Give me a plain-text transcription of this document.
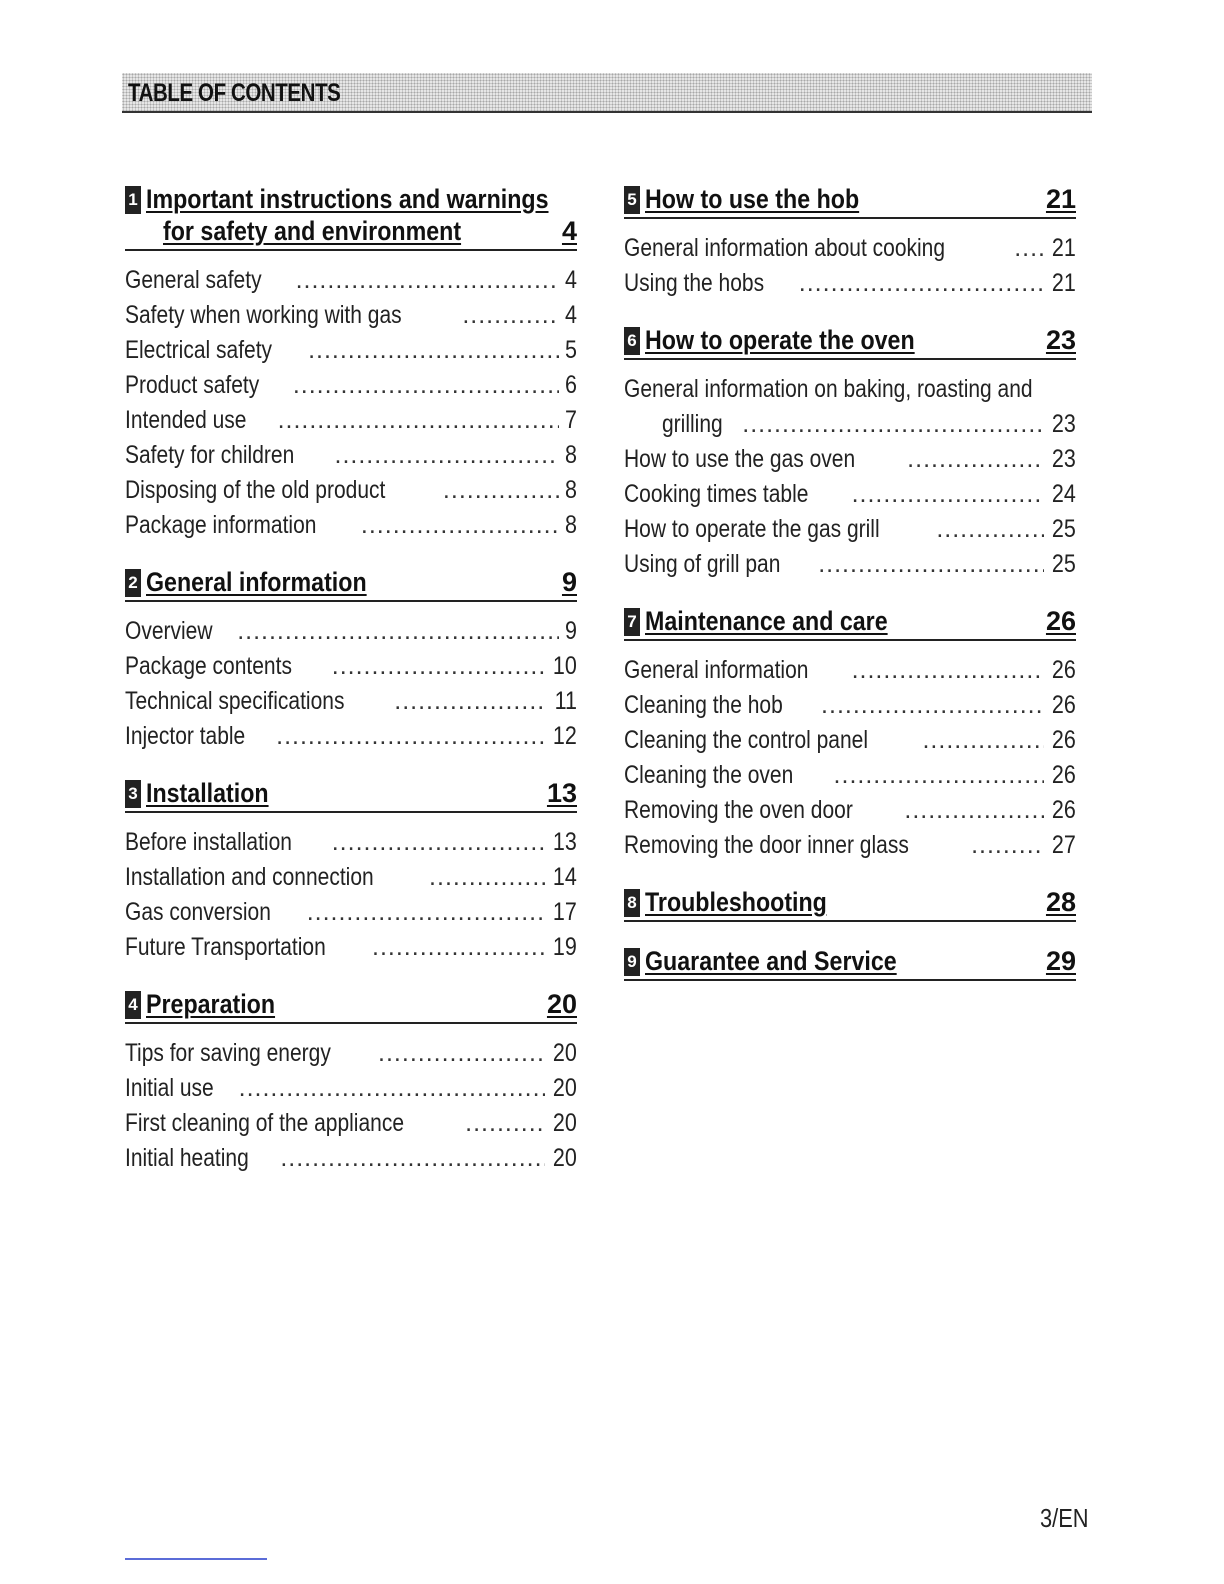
TABLE OF CONTENTS
1 Important instructions and warnings
for safety and environment	4
General safety .....	4
Safety when working with gas .....	4
Electrical safety .....	5
Product safety .....	6
Intended use .....	7
Safety for children .....	8
Disposing of the old product .....	8
Package information .....	8
2 General information	9
Overview .....	9
Package contents .....	10
Technical specifications .....	11
Injector table .....	12
3 Installation	13
Before installation .....	13
Installation and connection .....	14
Gas conversion .....	17
Future Transportation .....	19
4 Preparation	20
Tips for saving energy .....	20
Initial use .....	20
First cleaning of the appliance .....	20
Initial heating .....	20
5 How to use the hob	21
General information about cooking .....	21
Using the hobs .....	21
6 How to operate the oven	23
General information on baking, roasting and
grilling .....	23
How to use the gas oven .....	23
Cooking times table .....	24
How to operate the gas grill .....	25
Using of grill pan .....	25
7 Maintenance and care	26
General information .....	26
Cleaning the hob .....	26
Cleaning the control panel .....	26
Cleaning the oven .....	26
Removing the oven door .....	26
Removing the door inner glass .....	27
8 Troubleshooting	28
9 Guarantee and Service	29
3/EN
